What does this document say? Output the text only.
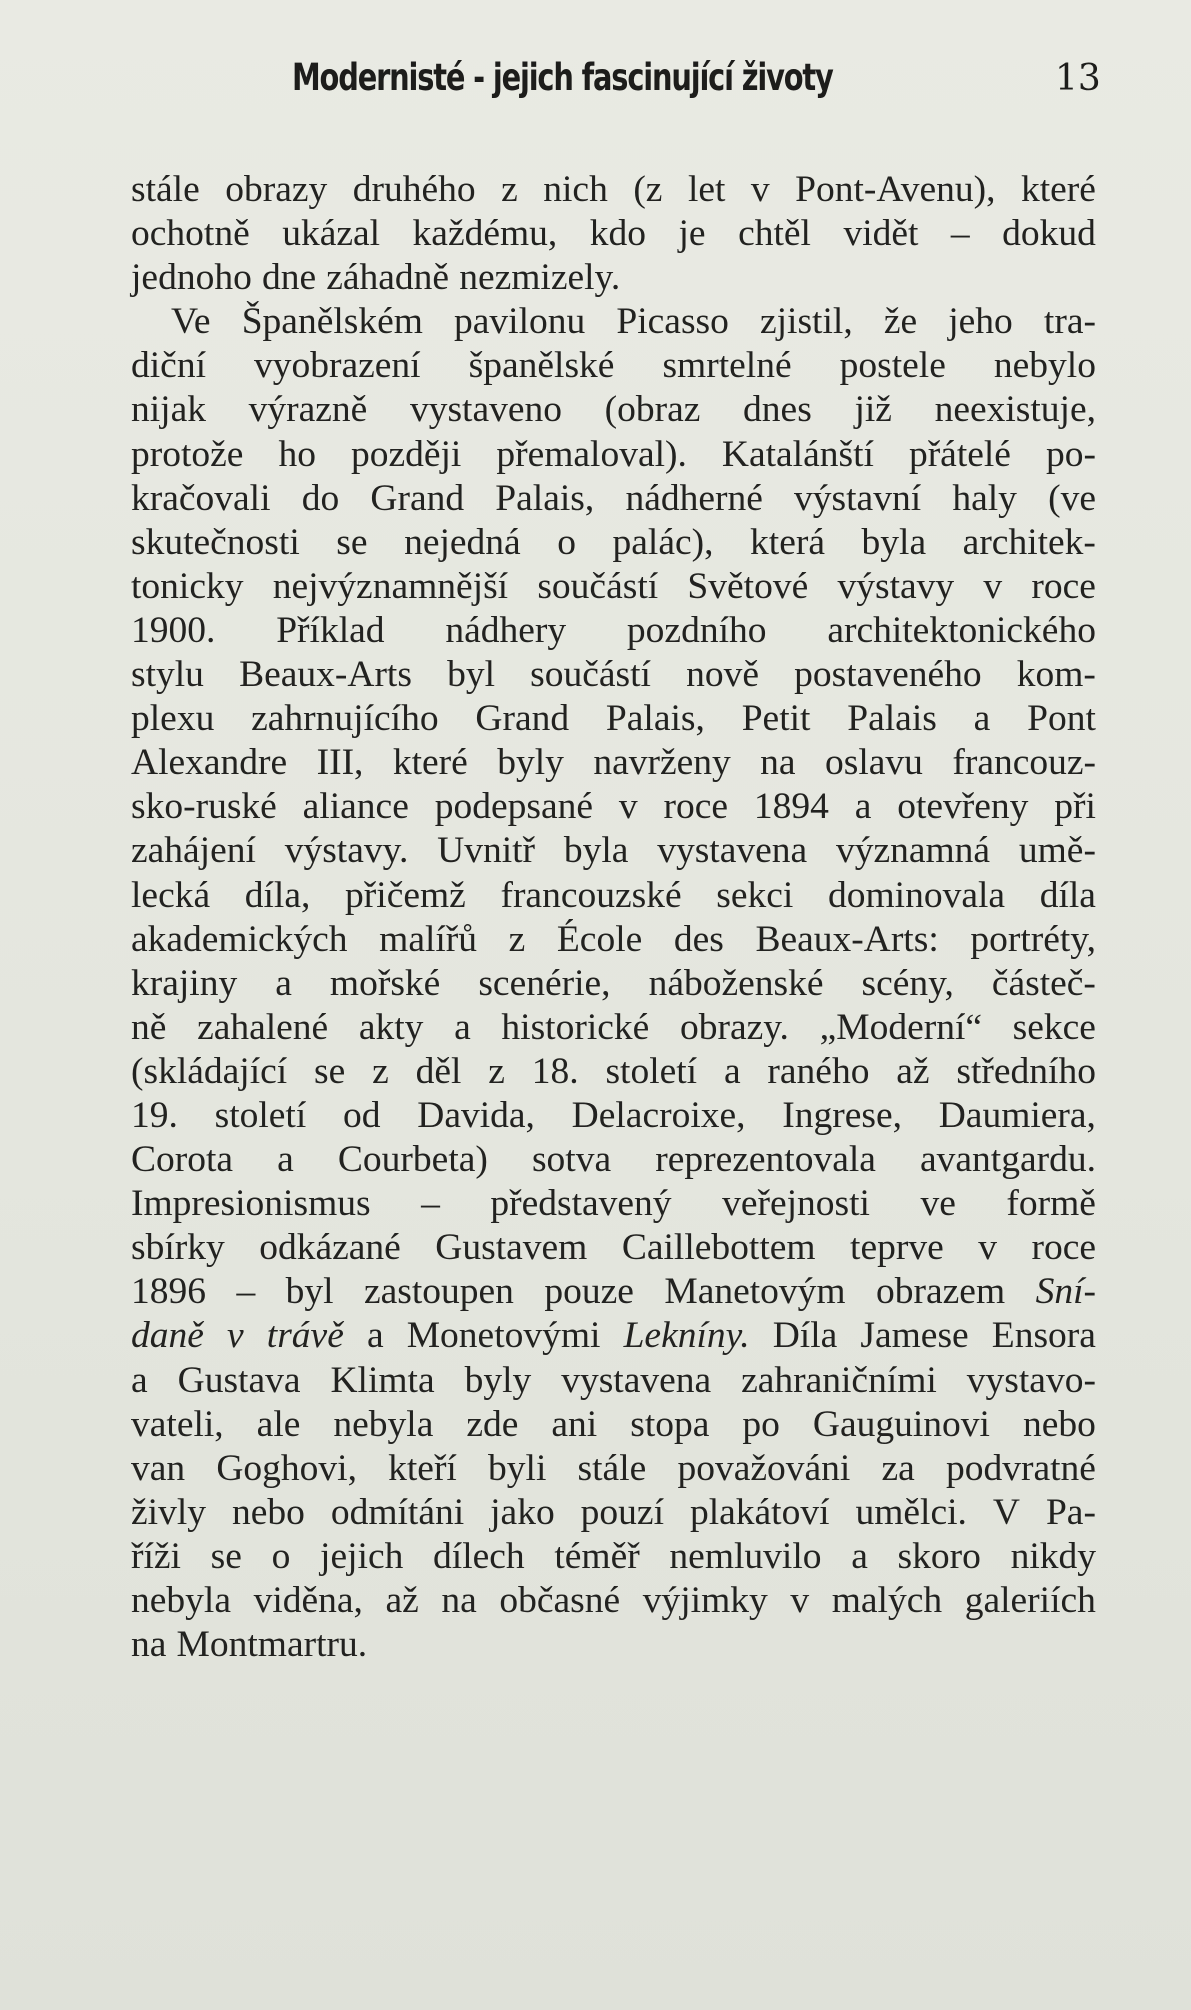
Modernisté - jejich fascinující životy	13
stále obrazy druhého z nich (z let v Pont-Avenu), které
ochotně ukázal každému, kdo je chtěl vidět – dokud
jednoho dne záhadně nezmizely.
Ve Španělském pavilonu Picasso zjistil, že jeho tra-
diční vyobrazení španělské smrtelné postele nebylo
nijak výrazně vystaveno (obraz dnes již neexistuje,
protože ho později přemaloval). Katalánští přátelé po-
kračovali do Grand Palais, nádherné výstavní haly (ve
skutečnosti se nejedná o palác), která byla architek-
tonicky nejvýznamnější součástí Světové výstavy v roce
1900. Příklad nádhery pozdního architektonického
stylu Beaux-Arts byl součástí nově postaveného kom-
plexu zahrnujícího Grand Palais, Petit Palais a Pont
Alexandre III, které byly navrženy na oslavu francouz-
sko-ruské aliance podepsané v roce 1894 a otevřeny při
zahájení výstavy. Uvnitř byla vystavena významná umě-
lecká díla, přičemž francouzské sekci dominovala díla
akademických malířů z École des Beaux-Arts: portréty,
krajiny a mořské scenérie, náboženské scény, částeč-
ně zahalené akty a historické obrazy. „Moderní“ sekce
(skládající se z děl z 18. století a raného až středního
19. století od Davida, Delacroixe, Ingrese, Daumiera,
Corota a Courbeta) sotva reprezentovala avantgardu.
Impresionismus – představený veřejnosti ve formě
sbírky odkázané Gustavem Caillebottem teprve v roce
1896 – byl zastoupen pouze Manetovým obrazem Sní-
daně v trávě a Monetovými Lekníny. Díla Jamese Ensora
a Gustava Klimta byly vystavena zahraničními vystavo-
vateli, ale nebyla zde ani stopa po Gauguinovi nebo
van Goghovi, kteří byli stále považováni za podvratné
živly nebo odmítáni jako pouzí plakátoví umělci. V Pa-
říži se o jejich dílech téměř nemluvilo a skoro nikdy
nebyla viděna, až na občasné výjimky v malých galeriích
na Montmartru.
